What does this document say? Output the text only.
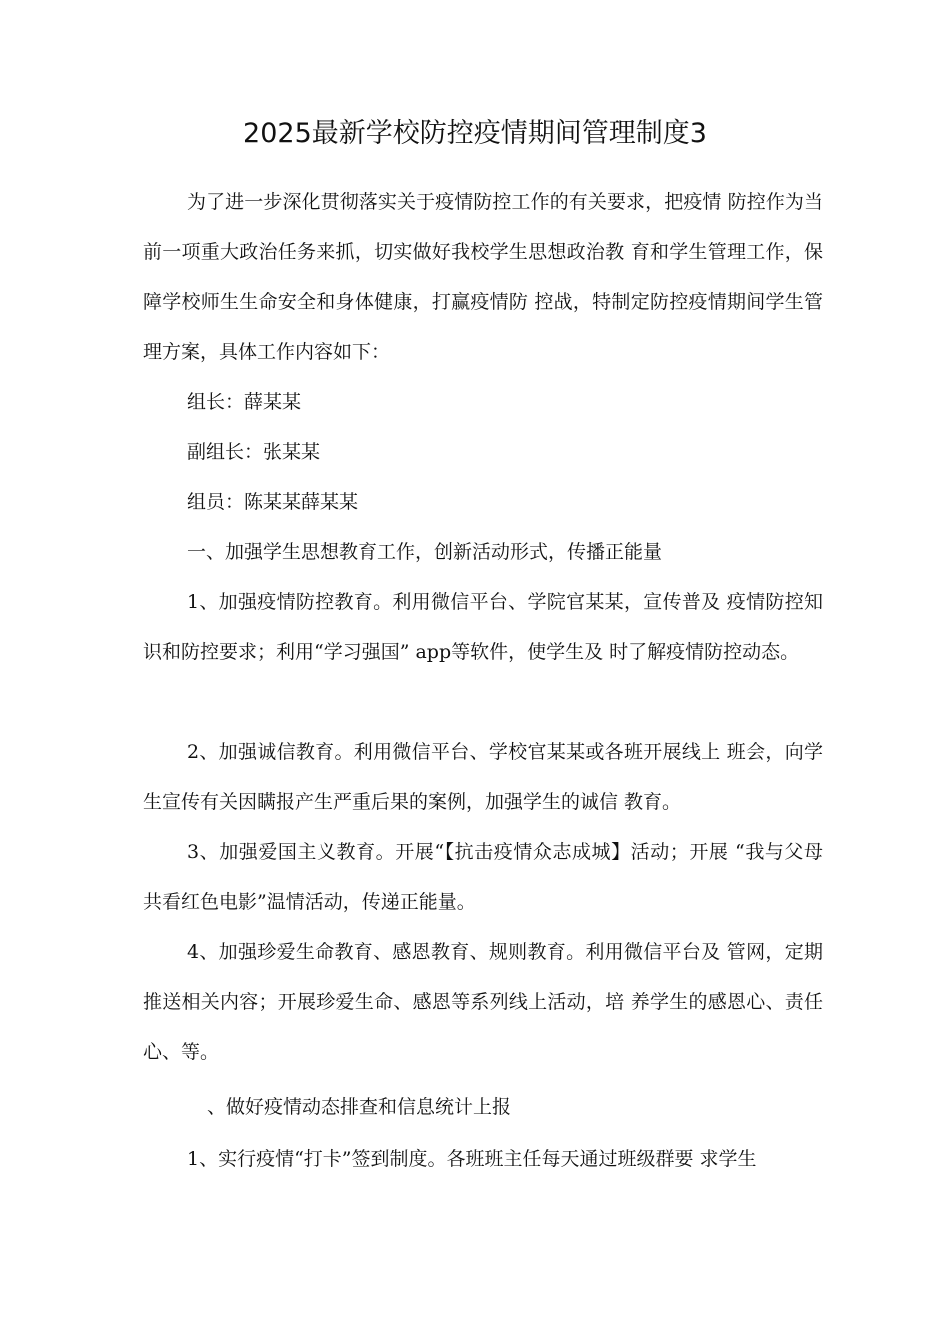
2025最新学校防控疫情期间管理制度3

为了进一步深化贯彻落实关于疫情防控工作的有关要求，把疫情 防控作为当前一项重大政治任务来抓，切实做好我校学生思想政治教 育和学生管理工作，保障学校师生生命安全和身体健康，打赢疫情防 控战，特制定防控疫情期间学生管理方案，具体工作内容如下：

组长：薛某某

副组长：张某某

组员：陈某某薛某某

一、加强学生思想教育工作，创新活动形式，传播正能量

1、加强疫情防控教育。利用微信平台、学院官某某，宣传普及 疫情防控知识和防控要求；利用“学习强国” app等软件，使学生及 时了解疫情防控动态。

2、加强诚信教育。利用微信平台、学校官某某或各班开展线上 班会，向学生宣传有关因瞒报产生严重后果的案例，加强学生的诚信 教育。

3、加强爱国主义教育。开展“【抗击疫情众志成城】活动；开展 “我与父母共看红色电影”温情活动，传递正能量。

4、加强珍爱生命教育、感恩教育、规则教育。利用微信平台及 管网，定期推送相关内容；开展珍爱生命、感恩等系列线上活动，培 养学生的感恩心、责任心、等。

、做好疫情动态排查和信息统计上报

1、实行疫情“打卡”签到制度。各班班主任每天通过班级群要 求学生
